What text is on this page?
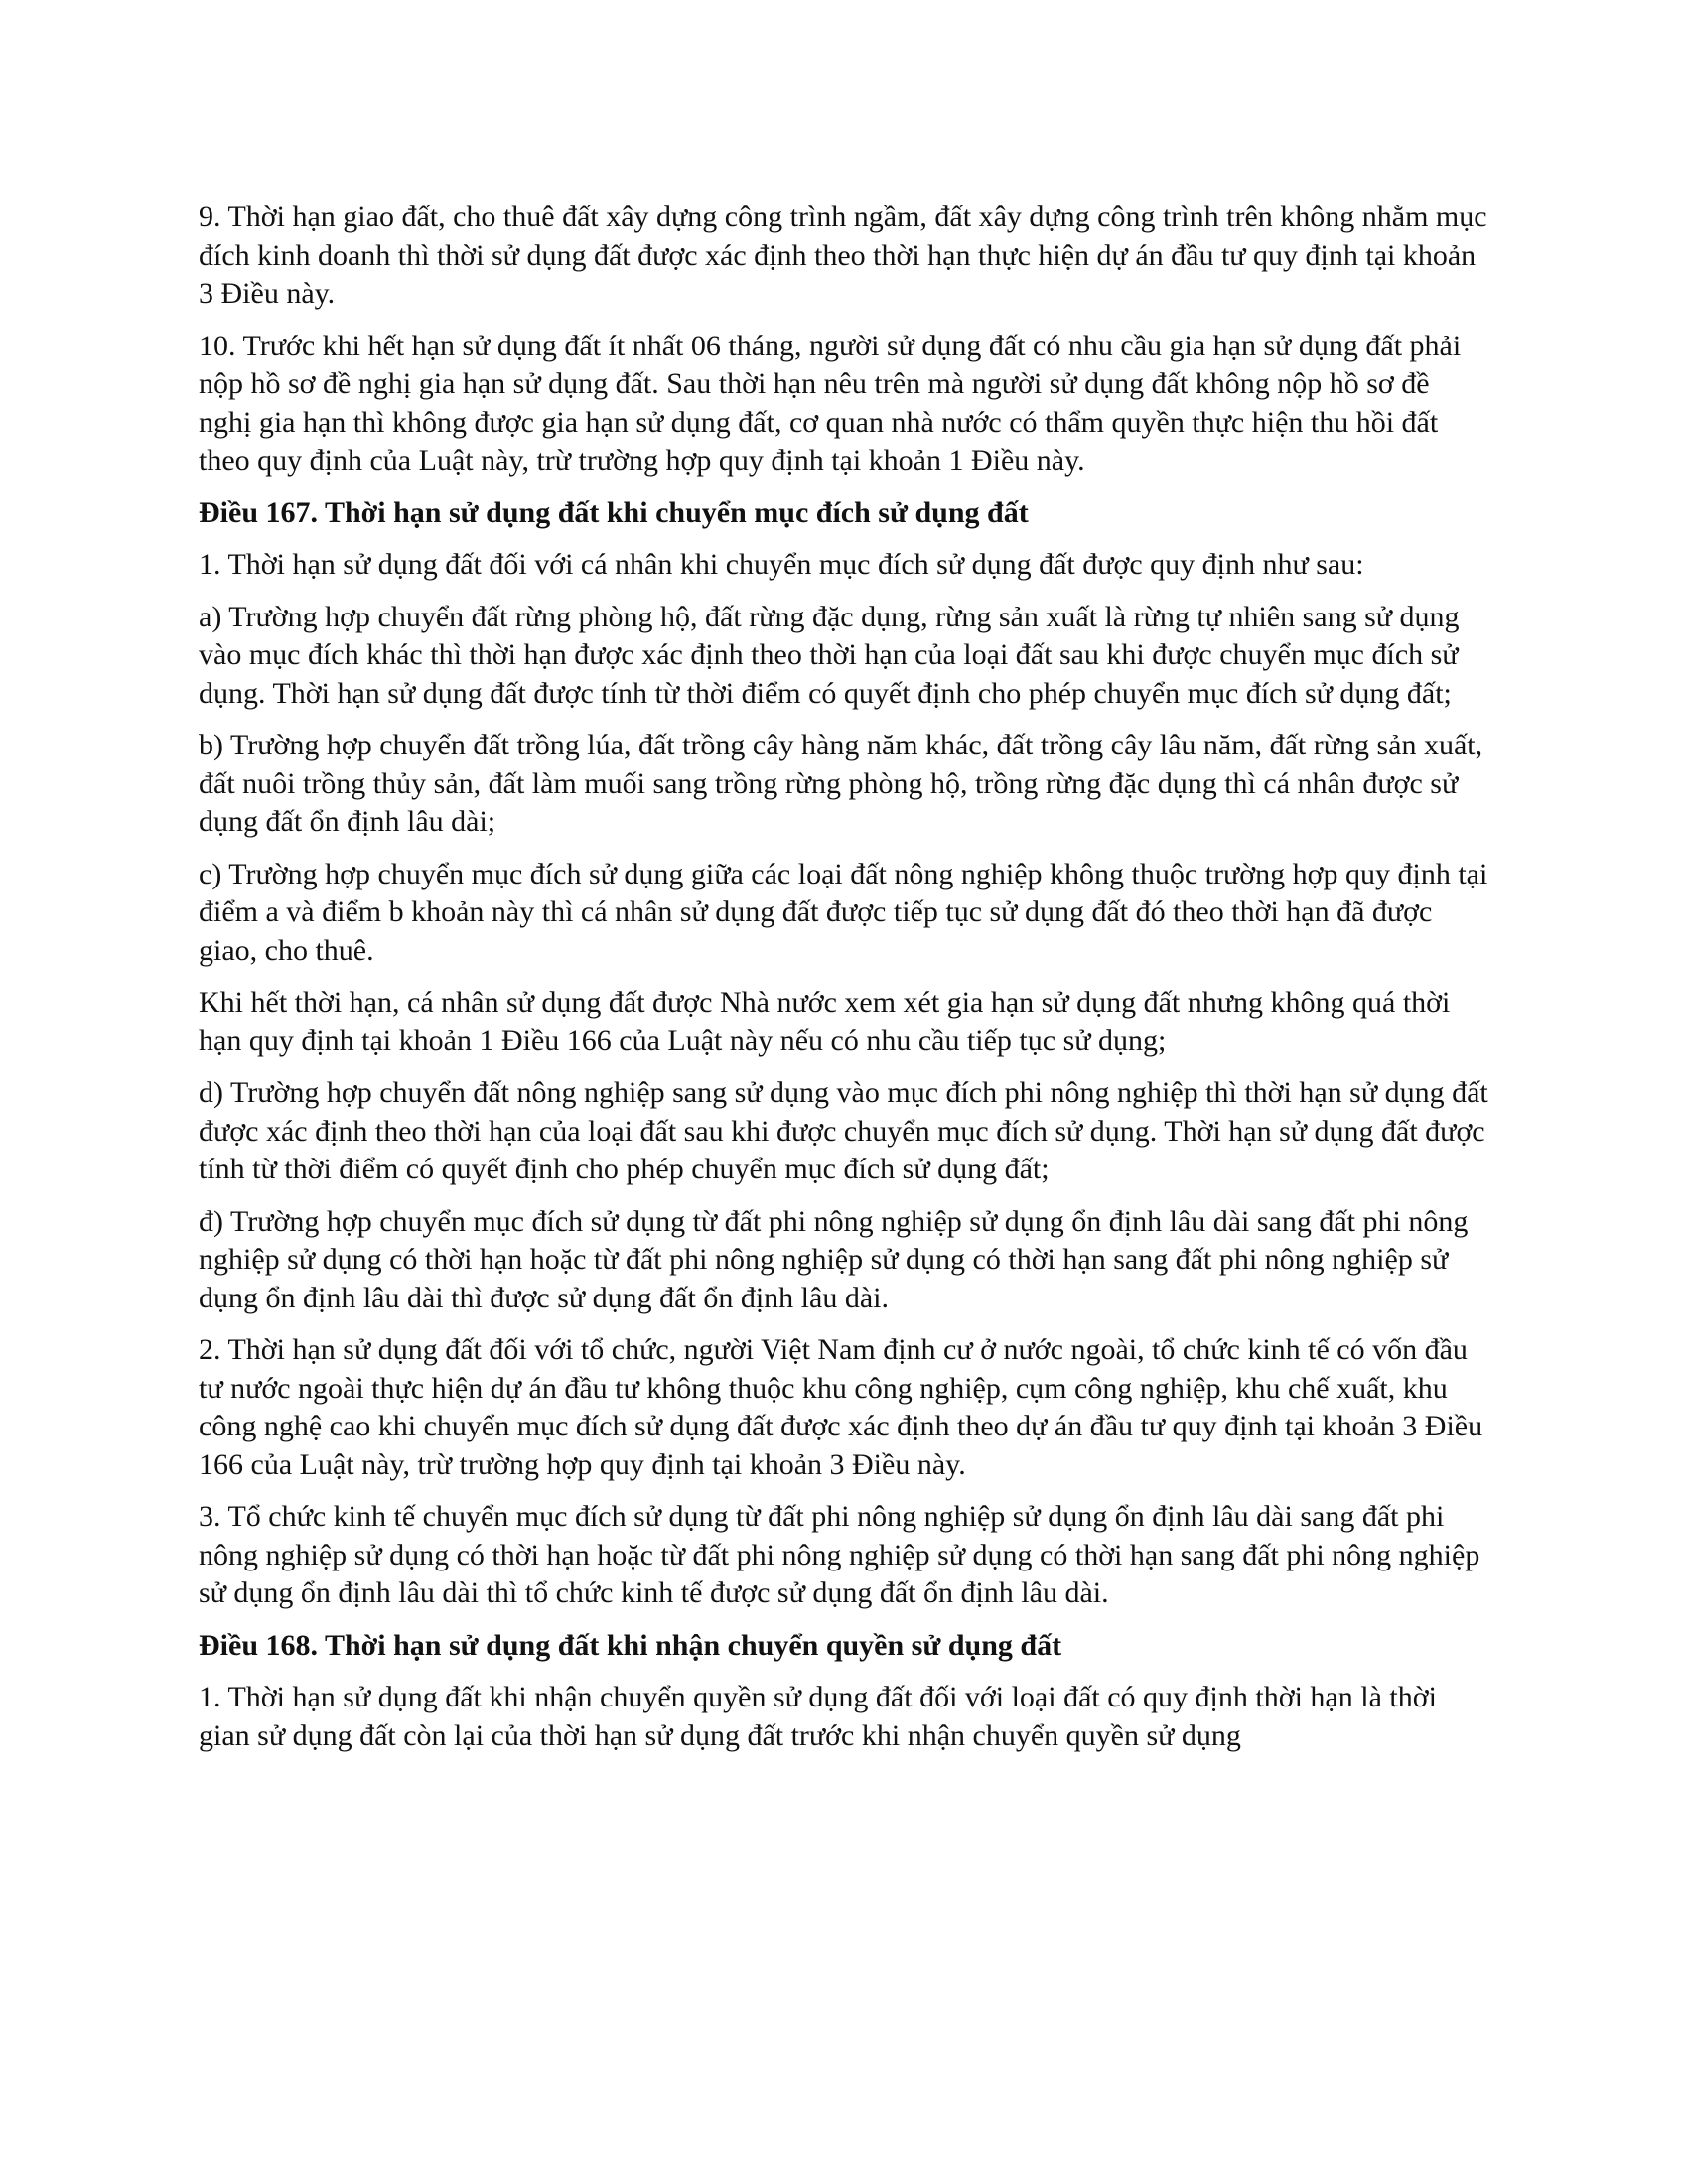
9. Thời hạn giao đất, cho thuê đất xây dựng công trình ngầm, đất xây dựng công trình trên không nhằm mục đích kinh doanh thì thời sử dụng đất được xác định theo thời hạn thực hiện dự án đầu tư quy định tại khoản 3 Điều này.

10. Trước khi hết hạn sử dụng đất ít nhất 06 tháng, người sử dụng đất có nhu cầu gia hạn sử dụng đất phải nộp hồ sơ đề nghị gia hạn sử dụng đất. Sau thời hạn nêu trên mà người sử dụng đất không nộp hồ sơ đề nghị gia hạn thì không được gia hạn sử dụng đất, cơ quan nhà nước có thẩm quyền thực hiện thu hồi đất theo quy định của Luật này, trừ trường hợp quy định tại khoản 1 Điều này.

Điều 167. Thời hạn sử dụng đất khi chuyển mục đích sử dụng đất

1. Thời hạn sử dụng đất đối với cá nhân khi chuyển mục đích sử dụng đất được quy định như sau:

a) Trường hợp chuyển đất rừng phòng hộ, đất rừng đặc dụng, rừng sản xuất là rừng tự nhiên sang sử dụng vào mục đích khác thì thời hạn được xác định theo thời hạn của loại đất sau khi được chuyển mục đích sử dụng. Thời hạn sử dụng đất được tính từ thời điểm có quyết định cho phép chuyển mục đích sử dụng đất;

b) Trường hợp chuyển đất trồng lúa, đất trồng cây hàng năm khác, đất trồng cây lâu năm, đất rừng sản xuất, đất nuôi trồng thủy sản, đất làm muối sang trồng rừng phòng hộ, trồng rừng đặc dụng thì cá nhân được sử dụng đất ổn định lâu dài;

c) Trường hợp chuyển mục đích sử dụng giữa các loại đất nông nghiệp không thuộc trường hợp quy định tại điểm a và điểm b khoản này thì cá nhân sử dụng đất được tiếp tục sử dụng đất đó theo thời hạn đã được giao, cho thuê.

Khi hết thời hạn, cá nhân sử dụng đất được Nhà nước xem xét gia hạn sử dụng đất nhưng không quá thời hạn quy định tại khoản 1 Điều 166 của Luật này nếu có nhu cầu tiếp tục sử dụng;

d) Trường hợp chuyển đất nông nghiệp sang sử dụng vào mục đích phi nông nghiệp thì thời hạn sử dụng đất được xác định theo thời hạn của loại đất sau khi được chuyển mục đích sử dụng. Thời hạn sử dụng đất được tính từ thời điểm có quyết định cho phép chuyển mục đích sử dụng đất;

đ) Trường hợp chuyển mục đích sử dụng từ đất phi nông nghiệp sử dụng ổn định lâu dài sang đất phi nông nghiệp sử dụng có thời hạn hoặc từ đất phi nông nghiệp sử dụng có thời hạn sang đất phi nông nghiệp sử dụng ổn định lâu dài thì được sử dụng đất ổn định lâu dài.

2. Thời hạn sử dụng đất đối với tổ chức, người Việt Nam định cư ở nước ngoài, tổ chức kinh tế có vốn đầu tư nước ngoài thực hiện dự án đầu tư không thuộc khu công nghiệp, cụm công nghiệp, khu chế xuất, khu công nghệ cao khi chuyển mục đích sử dụng đất được xác định theo dự án đầu tư quy định tại khoản 3 Điều 166 của Luật này, trừ trường hợp quy định tại khoản 3 Điều này.

3. Tổ chức kinh tế chuyển mục đích sử dụng từ đất phi nông nghiệp sử dụng ổn định lâu dài sang đất phi nông nghiệp sử dụng có thời hạn hoặc từ đất phi nông nghiệp sử dụng có thời hạn sang đất phi nông nghiệp sử dụng ổn định lâu dài thì tổ chức kinh tế được sử dụng đất ổn định lâu dài.

Điều 168. Thời hạn sử dụng đất khi nhận chuyển quyền sử dụng đất

1. Thời hạn sử dụng đất khi nhận chuyển quyền sử dụng đất đối với loại đất có quy định thời hạn là thời gian sử dụng đất còn lại của thời hạn sử dụng đất trước khi nhận chuyển quyền sử dụng
